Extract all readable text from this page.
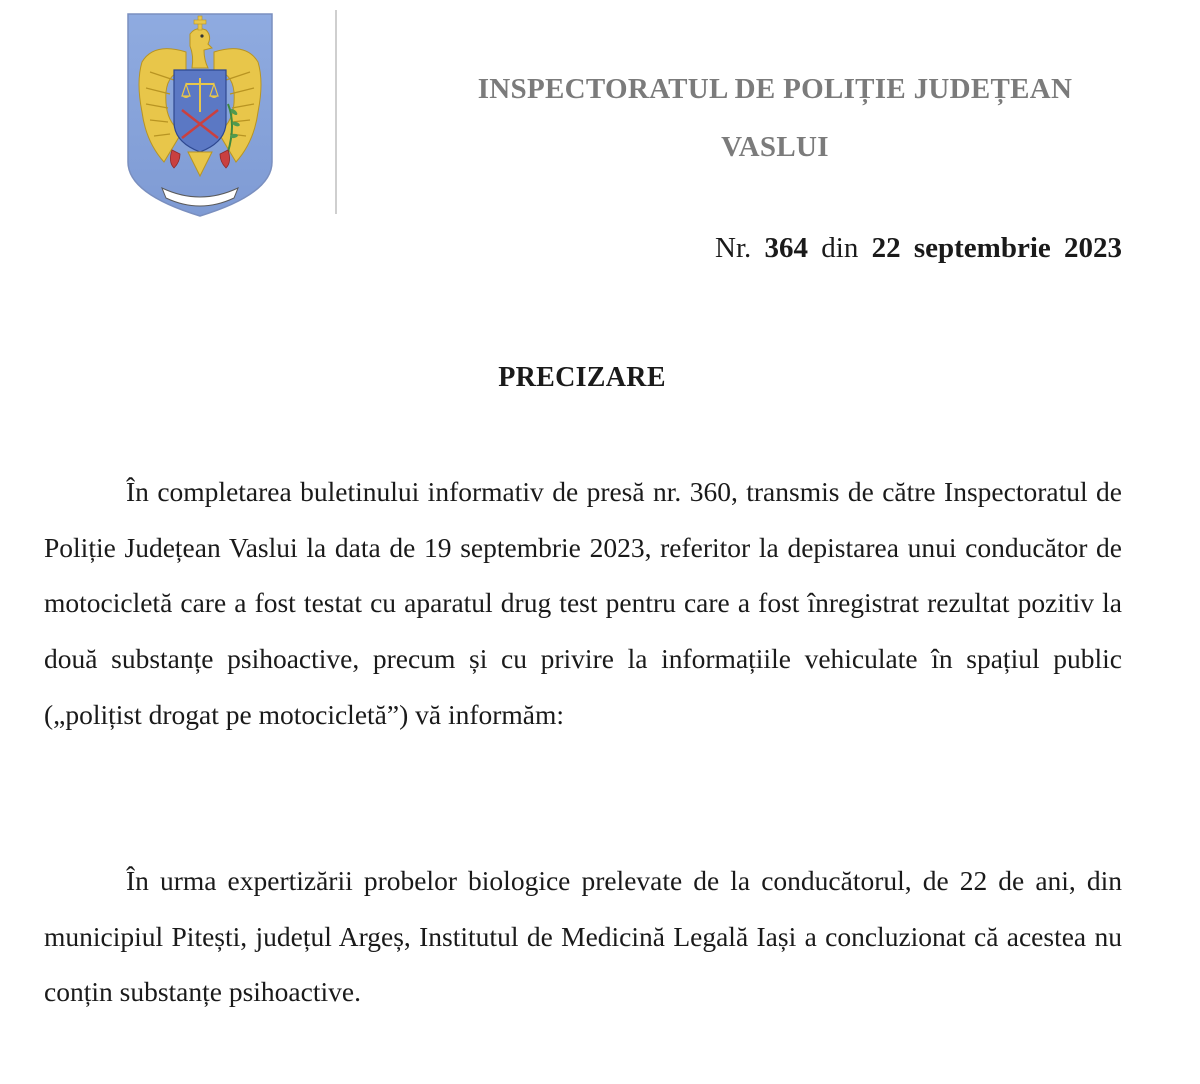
INSPECTORATUL DE POLIȚIE JUDEȚEAN
VASLUI
Nr. 364 din 22 septembrie 2023
PRECIZARE

În completarea buletinului informativ de presă nr. 360, transmis de către Inspectoratul de Poliție Județean Vaslui la data de 19 septembrie 2023, referitor la depistarea unui conducător de motocicletă care a fost testat cu aparatul drug test pentru care a fost înregistrat rezultat pozitiv la două substanțe psihoactive, precum și cu privire la informațiile vehiculate în spațiul public („polițist drogat pe motocicletă”) vă informăm:

În urma expertizării probelor biologice prelevate de la conducătorul, de 22 de ani, din municipiul Pitești, județul Argeș, Institutul de Medicină Legală Iași a concluzionat că acestea nu conțin substanțe psihoactive.
